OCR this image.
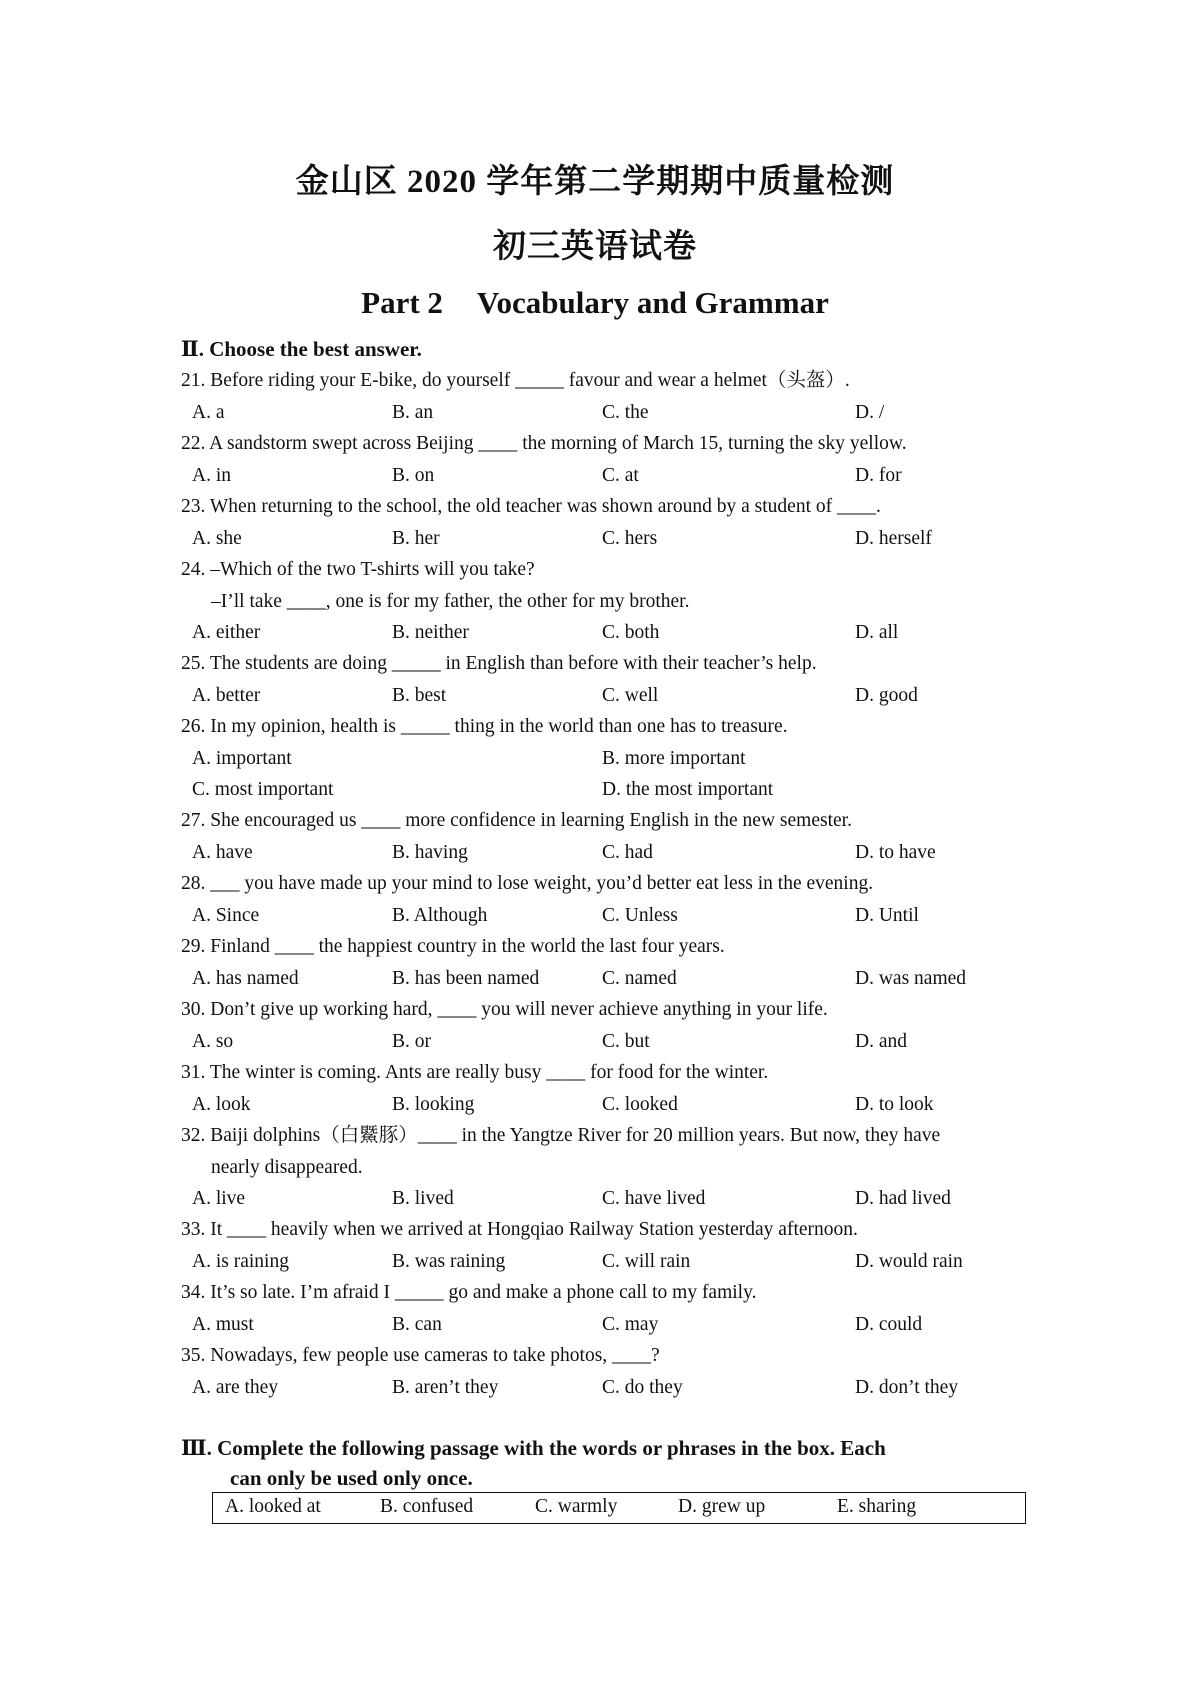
金山区 2020 学年第二学期期中质量检测
初三英语试卷
Part 2 Vocabulary and Grammar
Ⅱ. Choose the best answer.
21. Before riding your E-bike, do yourself _____ favour and wear a helmet（头盔）.
A. a	B. an	C. the	D. /
22. A sandstorm swept across Beijing ____ the morning of March 15, turning the sky yellow.
A. in	B. on	C. at	D. for
23. When returning to the school, the old teacher was shown around by a student of ____.
A. she	B. her	C. hers	D. herself
24. –Which of the two T-shirts will you take?
–I’ll take ____, one is for my father, the other for my brother.
A. either	B. neither	C. both	D. all
25. The students are doing _____ in English than before with their teacher’s help.
A. better	B. best	C. well	D. good
26. In my opinion, health is _____ thing in the world than one has to treasure.
A. important	B. more important
C. most important	D. the most important
27. She encouraged us ____ more confidence in learning English in the new semester.
A. have	B. having	C. had	D. to have
28. ___ you have made up your mind to lose weight, you’d better eat less in the evening.
A. Since	B. Although	C. Unless	D. Until
29. Finland ____ the happiest country in the world the last four years.
A. has named	B. has been named	C. named	D. was named
30. Don’t give up working hard, ____ you will never achieve anything in your life.
A. so	B. or	C. but	D. and
31. The winter is coming. Ants are really busy ____ for food for the winter.
A. look	B. looking	C. looked	D. to look
32. Baiji dolphins（白鱀豚）____ in the Yangtze River for 20 million years. But now, they have
nearly disappeared.
A. live	B. lived	C. have lived	D. had lived
33. It ____ heavily when we arrived at Hongqiao Railway Station yesterday afternoon.
A. is raining	B. was raining	C. will rain	D. would rain
34. It’s so late. I’m afraid I _____ go and make a phone call to my family.
A. must	B. can	C. may	D. could
35. Nowadays, few people use cameras to take photos, ____?
A. are they	B. aren’t they	C. do they	D. don’t they
Ⅲ. Complete the following passage with the words or phrases in the box. Each
can only be used only once.
A. looked at	B. confused	C. warmly	D. grew up	E. sharing
